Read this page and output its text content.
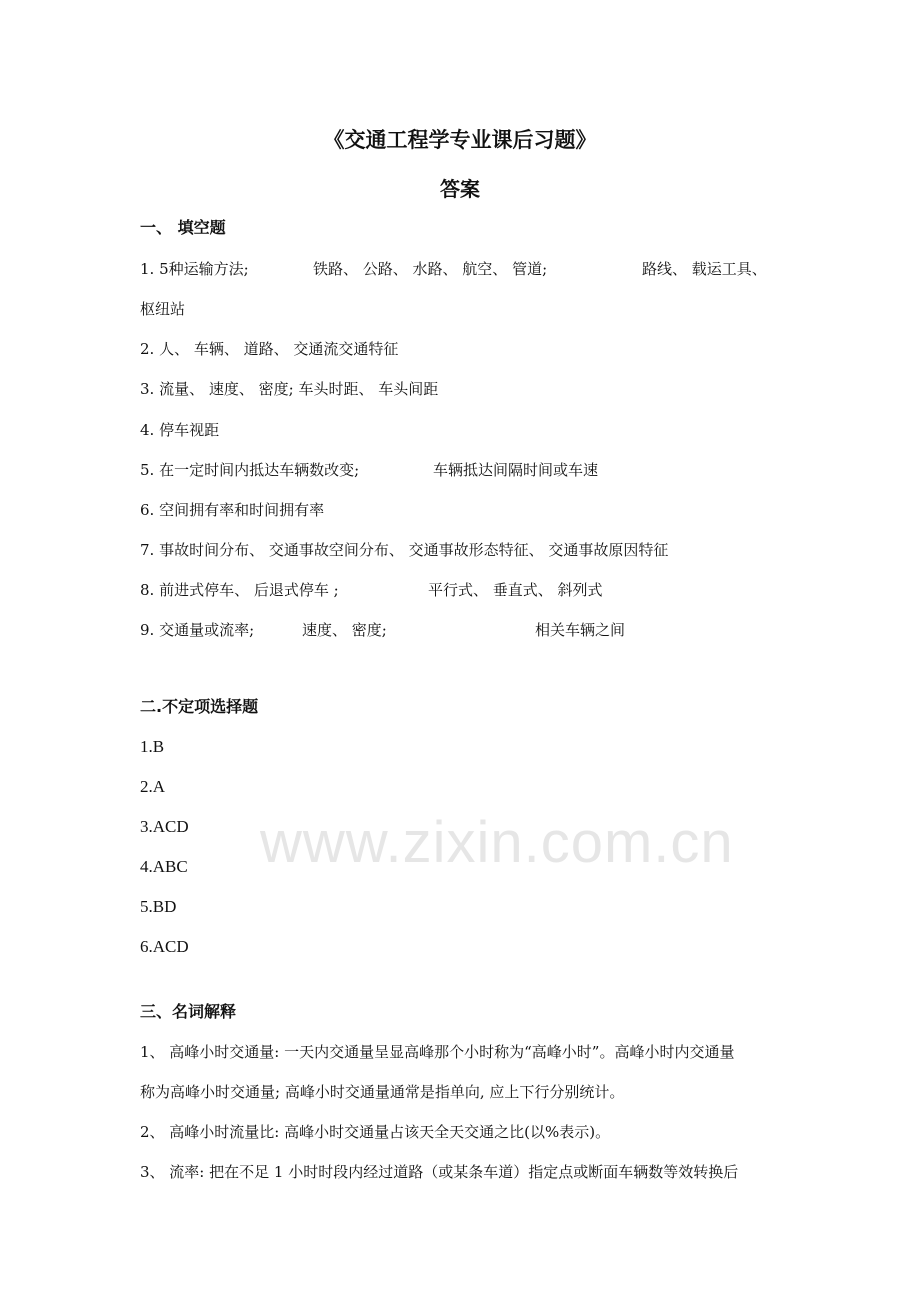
www.zixin.com.cn
《交通工程学专业课后习题》
答案
一、 填空题
1. 5种运输方法;	铁路、 公路、 水路、 航空、 管道;	路线、 载运工具、
枢纽站
2. 人、 车辆、 道路、 交通流交通特征
3. 流量、 速度、 密度; 车头时距、 车头间距
4. 停车视距
5. 在一定时间内抵达车辆数改变;	车辆抵达间隔时间或车速
6. 空间拥有率和时间拥有率
7. 事故时间分布、 交通事故空间分布、 交通事故形态特征、 交通事故原因特征
8. 前进式停车、 后退式停车 ;	平行式、 垂直式、 斜列式
9. 交通量或流率;	速度、 密度;	相关车辆之间
二.不定项选择题
1.B
2.A
3.ACD
4.ABC
5.BD
6.ACD
三、名词解释
1、 高峰小时交通量: 一天内交通量呈显高峰那个小时称为“高峰小时”。高峰小时内交通量
称为高峰小时交通量; 高峰小时交通量通常是指单向, 应上下行分别统计。
2、 高峰小时流量比: 高峰小时交通量占该天全天交通之比(以%表示)。
3、 流率: 把在不足 1 小时时段内经过道路（或某条车道）指定点或断面车辆数等效转换后
